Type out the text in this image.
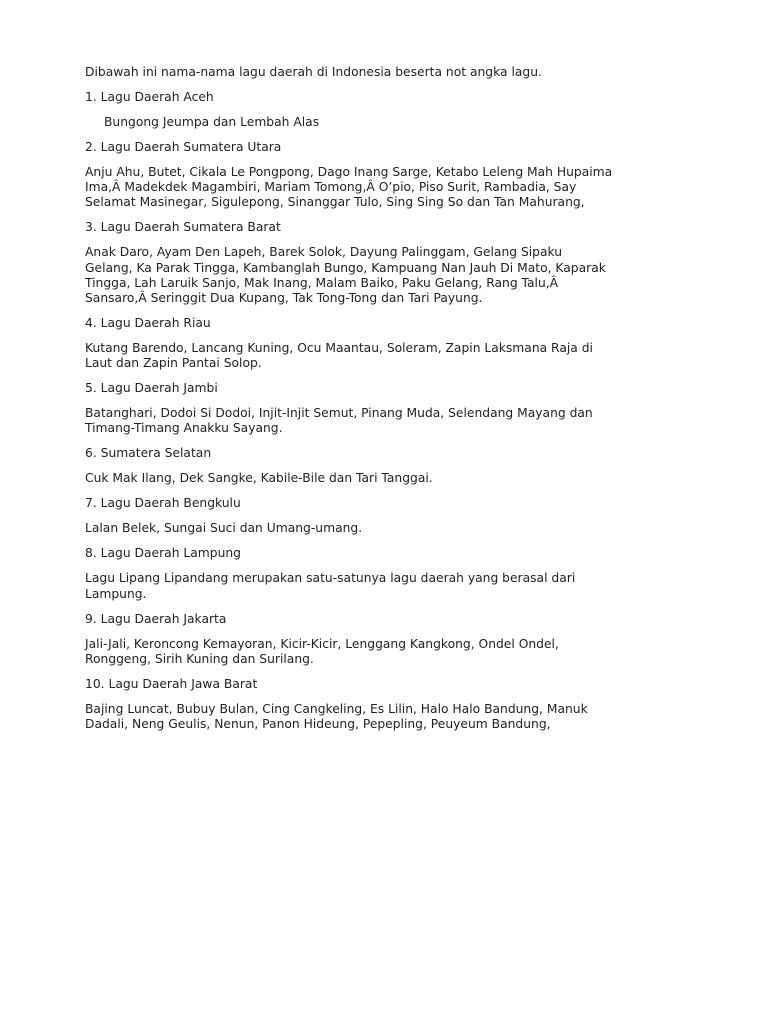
Dibawah ini nama-nama lagu daerah di Indonesia beserta not angka lagu.

1. Lagu Daerah Aceh

Bungong Jeumpa dan Lembah Alas

2. Lagu Daerah Sumatera Utara

Anju Ahu, Butet, Cikala Le Pongpong, Dago Inang Sarge, Ketabo Leleng Mah Hupaima
Ima,Â Madekdek Magambiri, Mariam Tomong,Â O’pio, Piso Surit, Rambadia, Say
Selamat Masinegar, Sigulepong, Sinanggar Tulo, Sing Sing So dan Tan Mahurang,

3. Lagu Daerah Sumatera Barat

Anak Daro, Ayam Den Lapeh, Barek Solok, Dayung Palinggam, Gelang Sipaku
Gelang, Ka Parak Tingga, Kambanglah Bungo, Kampuang Nan Jauh Di Mato, Kaparak
Tingga, Lah Laruik Sanjo, Mak Inang, Malam Baiko, Paku Gelang, Rang Talu,Â
Sansaro,Â Seringgit Dua Kupang, Tak Tong-Tong dan Tari Payung.

4. Lagu Daerah Riau

Kutang Barendo, Lancang Kuning, Ocu Maantau, Soleram, Zapin Laksmana Raja di
Laut dan Zapin Pantai Solop.

5. Lagu Daerah Jambi

Batanghari, Dodoi Si Dodoi, Injit-Injit Semut, Pinang Muda, Selendang Mayang dan
Timang-Timang Anakku Sayang.

6. Sumatera Selatan

Cuk Mak Ilang, Dek Sangke, Kabile-Bile dan Tari Tanggai.

7. Lagu Daerah Bengkulu

Lalan Belek, Sungai Suci dan Umang-umang.

8. Lagu Daerah Lampung

Lagu Lipang Lipandang merupakan satu-satunya lagu daerah yang berasal dari
Lampung.

9. Lagu Daerah Jakarta

Jali-Jali, Keroncong Kemayoran, Kicir-Kicir, Lenggang Kangkong, Ondel Ondel,
Ronggeng, Sirih Kuning dan Surilang.

10. Lagu Daerah Jawa Barat

Bajing Luncat, Bubuy Bulan, Cing Cangkeling, Es Lilin, Halo Halo Bandung, Manuk
Dadali, Neng Geulis, Nenun, Panon Hideung, Pepepling, Peuyeum Bandung,
